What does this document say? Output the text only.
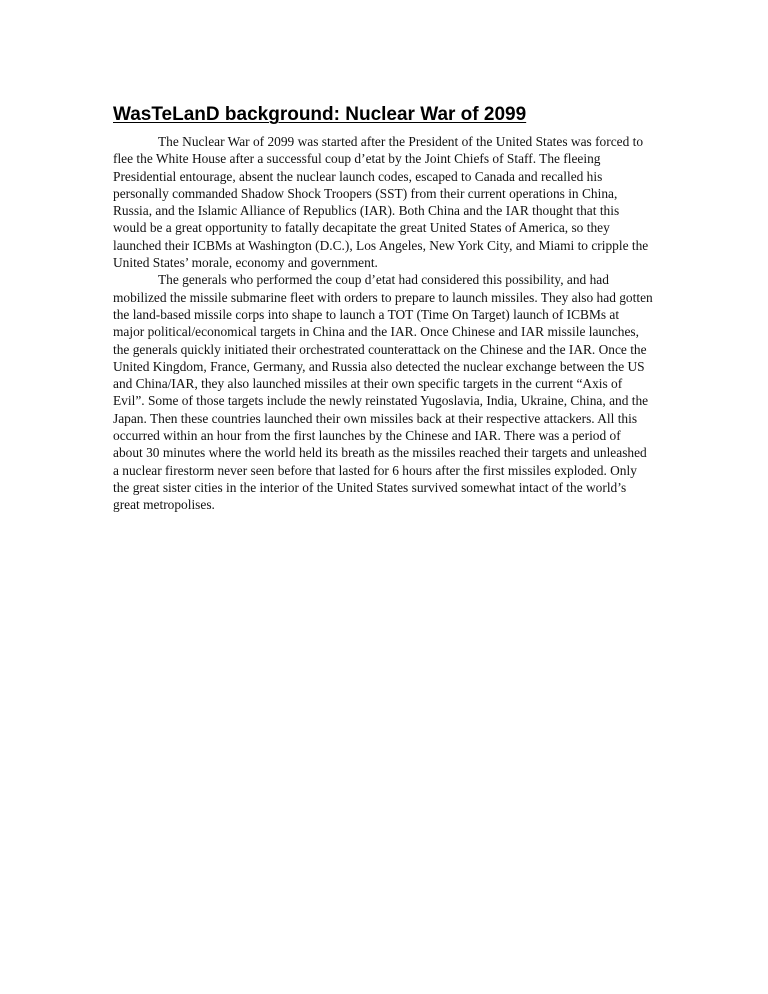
WasTeLanD background: Nuclear War of 2099

The Nuclear War of 2099 was started after the President of the United States was forced to flee the White House after a successful coup d’etat by the Joint Chiefs of Staff. The fleeing Presidential entourage, absent the nuclear launch codes, escaped to Canada and recalled his personally commanded Shadow Shock Troopers (SST) from their current operations in China, Russia, and the Islamic Alliance of Republics (IAR). Both China and the IAR thought that this would be a great opportunity to fatally decapitate the great United States of America, so they launched their ICBMs at Washington (D.C.), Los Angeles, New York City, and Miami to cripple the United States’ morale, economy and government.

The generals who performed the coup d’etat had considered this possibility, and had mobilized the missile submarine fleet with orders to prepare to launch missiles. They also had gotten the land-based missile corps into shape to launch a TOT (Time On Target) launch of ICBMs at major political/economical targets in China and the IAR. Once Chinese and IAR missile launches, the generals quickly initiated their orchestrated counterattack on the Chinese and the IAR. Once the United Kingdom, France, Germany, and Russia also detected the nuclear exchange between the US and China/IAR, they also launched missiles at their own specific targets in the current “Axis of Evil”. Some of those targets include the newly reinstated Yugoslavia, India, Ukraine, China, and the Japan. Then these countries launched their own missiles back at their respective attackers. All this occurred within an hour from the first launches by the Chinese and IAR. There was a period of about 30 minutes where the world held its breath as the missiles reached their targets and unleashed a nuclear firestorm never seen before that lasted for 6 hours after the first missiles exploded. Only the great sister cities in the interior of the United States survived somewhat intact of the world’s great metropolises.
